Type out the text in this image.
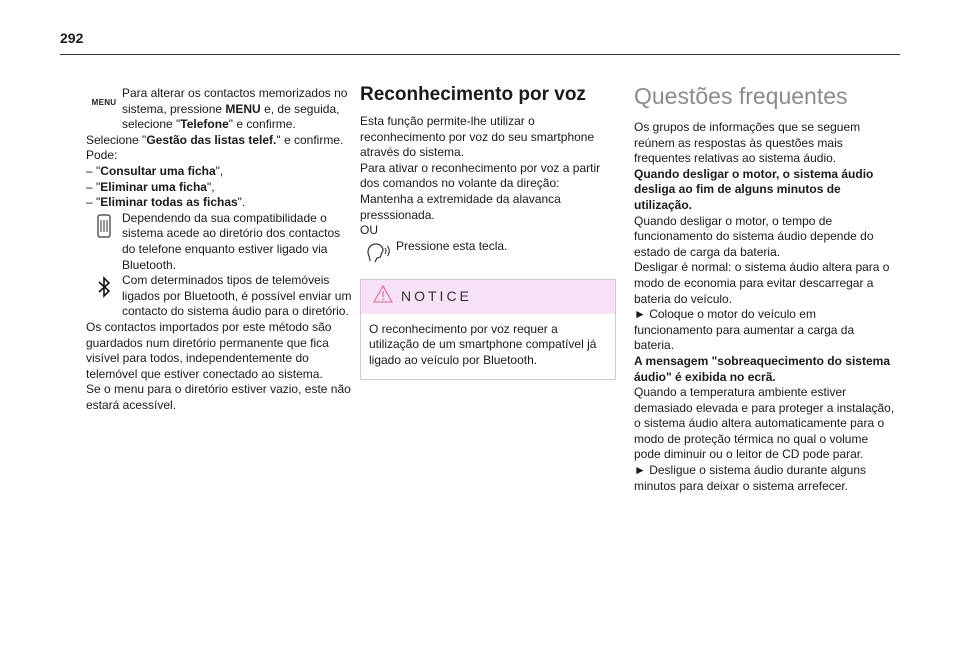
292
MENU

Para alterar os contactos memorizados no sistema, pressione MENU e, de seguida, selecione "Telefone" e confirme.

Selecione "Gestão das listas telef." e confirme.

Pode:

– "Consultar uma ficha",

– "Eliminar uma ficha",

– "Eliminar todas as fichas".

Dependendo da sua compatibilidade o sistema acede ao diretório dos contactos do telefone enquanto estiver ligado via Bluetooth.

Com determinados tipos de telemóveis ligados por Bluetooth, é possível enviar um contacto do sistema áudio para o diretório.

Os contactos importados por este método são guardados num diretório permanente que fica visível para todos, independentemente do telemóvel que estiver conectado ao sistema.

Se o menu para o diretório estiver vazio, este não estará acessível.

Reconhecimento por voz

Esta função permite-lhe utilizar o reconhecimento por voz do seu smartphone através do sistema.

Para ativar o reconhecimento por voz a partir dos comandos no volante da direção:

Mantenha a extremidade da alavanca presssionada.

OU

Pressione esta tecla.

NOTICE
O reconhecimento por voz requer a utilização de um smartphone compatível já ligado ao veículo por Bluetooth.
Questões frequentes

Os grupos de informações que se seguem reúnem as respostas às questões mais frequentes relativas ao sistema áudio.

Quando desligar o motor, o sistema áudio desliga ao fim de alguns minutos de utilização.

Quando desligar o motor, o tempo de funcionamento do sistema áudio depende do estado de carga da bateria.

Desligar é normal: o sistema áudio altera para o modo de economia para evitar descarregar a bateria do veículo.

► Coloque o motor do veículo em funcionamento para aumentar a carga da bateria.

A mensagem "sobreaquecimento do sistema áudio" é exibida no ecrã.

Quando a temperatura ambiente estiver demasiado elevada e para proteger a instalação, o sistema áudio altera automaticamente para o modo de proteção térmica no qual o volume pode diminuir ou o leitor de CD pode parar.

► Desligue o sistema áudio durante alguns minutos para deixar o sistema arrefecer.
